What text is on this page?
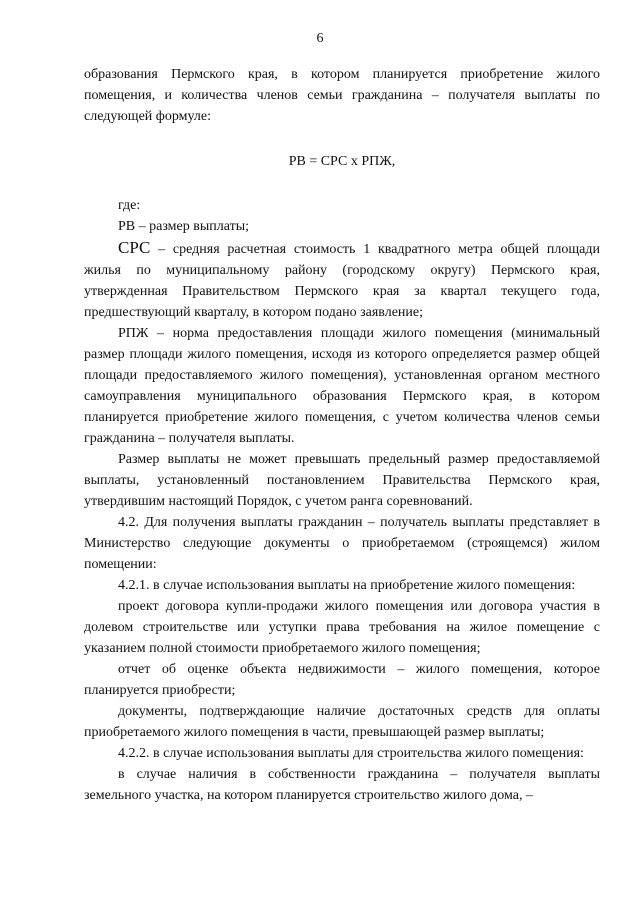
6

образования Пермского края, в котором планируется приобретение жилого помещения, и количества членов семьи гражданина – получателя выплаты по следующей формуле:

РВ = СРС х РПЖ,

где:

РВ – размер выплаты;

СРС – средняя расчетная стоимость 1 квадратного метра общей площади жилья по муниципальному району (городскому округу) Пермского края, утвержденная Правительством Пермского края за квартал текущего года, предшествующий кварталу, в котором подано заявление;

РПЖ – норма предоставления площади жилого помещения (минимальный размер площади жилого помещения, исходя из которого определяется размер общей площади предоставляемого жилого помещения), установленная органом местного самоуправления муниципального образования Пермского края, в котором планируется приобретение жилого помещения, с учетом количества членов семьи гражданина – получателя выплаты.

Размер выплаты не может превышать предельный размер предоставляемой выплаты, установленный постановлением Правительства Пермского края, утвердившим настоящий Порядок, с учетом ранга соревнований.

4.2. Для получения выплаты гражданин – получатель выплаты представляет в Министерство следующие документы о приобретаемом (строящемся) жилом помещении:

4.2.1. в случае использования выплаты на приобретение жилого помещения:

проект договора купли-продажи жилого помещения или договора участия в долевом строительстве или уступки права требования на жилое помещение с указанием полной стоимости приобретаемого жилого помещения;

отчет об оценке объекта недвижимости – жилого помещения, которое планируется приобрести;

документы, подтверждающие наличие достаточных средств для оплаты приобретаемого жилого помещения в части, превышающей размер выплаты;

4.2.2. в случае использования выплаты для строительства жилого помещения:

в случае наличия в собственности гражданина – получателя выплаты земельного участка, на котором планируется строительство жилого дома, –
